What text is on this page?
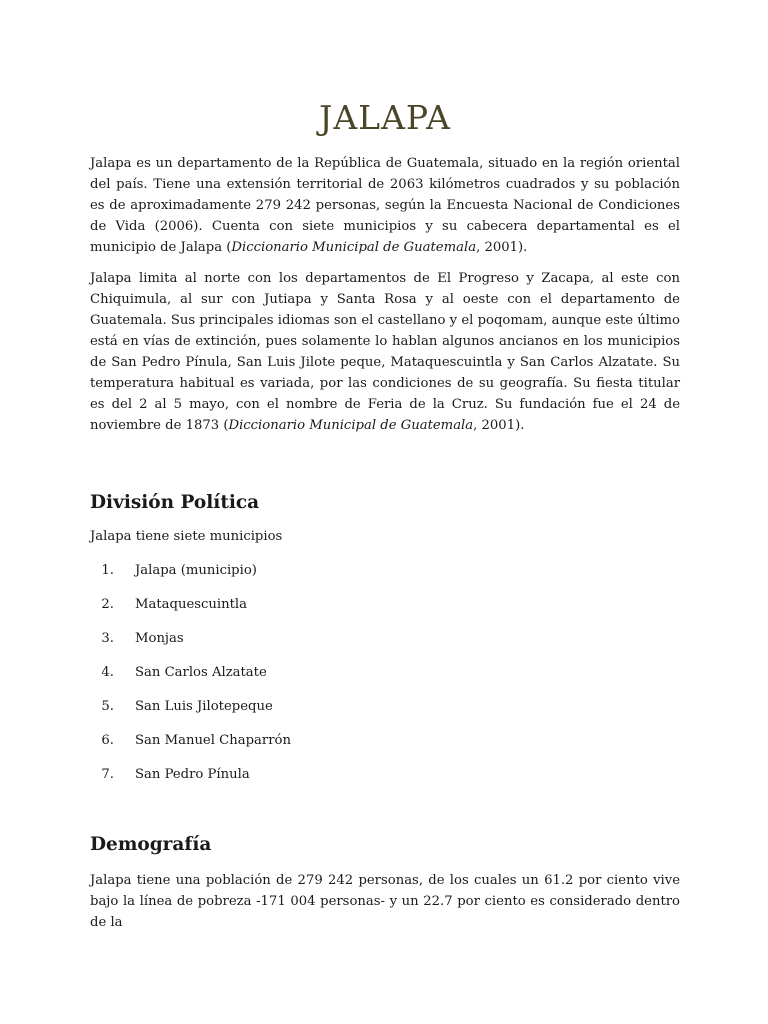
JALAPA

Jalapa es un departamento de la República de Guatemala, situado en la región oriental del país. Tiene una extensión territorial de 2063 kilómetros cuadrados y su población es de aproximadamente 279 242 personas, según la Encuesta Nacional de Condiciones de Vida (2006). Cuenta con siete municipios y su cabecera departamental es el municipio de Jalapa (Diccionario Municipal de Guatemala, 2001).

Jalapa limita al norte con los departamentos de El Progreso y Zacapa, al este con Chiquimula, al sur con Jutiapa y Santa Rosa y al oeste con el departamento de Guatemala. Sus principales idiomas son el castellano y el poqomam, aunque este último está en vías de extinción, pues solamente lo hablan algunos ancianos en los municipios de San Pedro Pínula, San Luis Jilote peque, Mataquescuintla y San Carlos Alzatate. Su temperatura habitual es variada, por las condiciones de su geografía. Su fiesta titular es del 2 al 5 mayo, con el nombre de Feria de la Cruz. Su fundación fue el 24 de noviembre de 1873 (Diccionario Municipal de Guatemala, 2001).

División Política

Jalapa tiene siete municipios

1. Jalapa (municipio)
2. Mataquescuintla
3. Monjas
4. San Carlos Alzatate
5. San Luis Jilotepeque
6. San Manuel Chaparrón
7. San Pedro Pínula
Demografía

Jalapa tiene una población de 279 242 personas, de los cuales un 61.2 por ciento vive bajo la línea de pobreza -171 004 personas- y un 22.7 por ciento es considerado dentro de la
